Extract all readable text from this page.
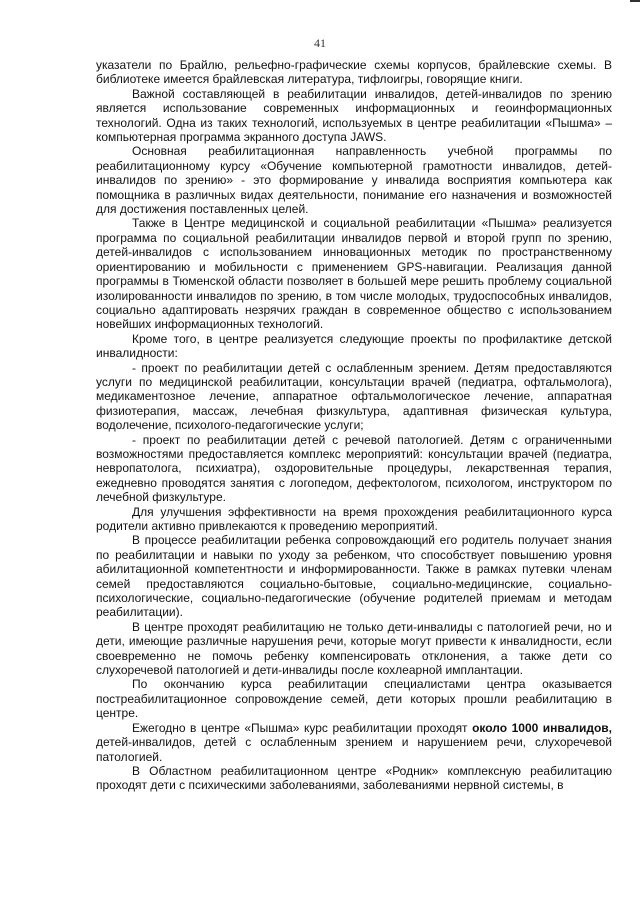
41

указатели по Брайлю, рельефно-графические схемы корпусов, брайлевские схемы. В библиотеке имеется брайлевская литература, тифлоигры, говорящие книги.

Важной составляющей в реабилитации инвалидов, детей-инвалидов по зрению является использование современных информационных и геоинформационных технологий. Одна из таких технологий, используемых в центре реабилитации «Пышма» – компьютерная программа экранного доступа JAWS.

Основная реабилитационная направленность учебной программы по реабилитационному курсу «Обучение компьютерной грамотности инвалидов, детей-инвалидов по зрению» - это формирование у инвалида восприятия компьютера как помощника в различных видах деятельности, понимание его назначения и возможностей для достижения поставленных целей.

Также в Центре медицинской и социальной реабилитации «Пышма» реализуется программа по социальной реабилитации инвалидов первой и второй групп по зрению, детей-инвалидов с использованием инновационных методик по пространственному ориентированию и мобильности с применением GPS-навигации. Реализация данной программы в Тюменской области позволяет в большей мере решить проблему социальной изолированности инвалидов по зрению, в том числе молодых, трудоспособных инвалидов, социально адаптировать незрячих граждан в современное общество с использованием новейших информационных технологий.

Кроме того, в центре реализуется следующие проекты по профилактике детской инвалидности:

- проект по реабилитации детей с ослабленным зрением. Детям предоставляются услуги по медицинской реабилитации, консультации врачей (педиатра, офтальмолога), медикаментозное лечение, аппаратное офтальмологическое лечение, аппаратная физиотерапия, массаж, лечебная физкультура, адаптивная физическая культура, водолечение, психолого-педагогические услуги;

- проект по реабилитации детей с речевой патологией. Детям с ограниченными возможностями предоставляется комплекс мероприятий: консультации врачей (педиатра, невропатолога, психиатра), оздоровительные процедуры, лекарственная терапия, ежедневно проводятся занятия с логопедом, дефектологом, психологом, инструктором по лечебной физкультуре.

Для улучшения эффективности на время прохождения реабилитационного курса родители активно привлекаются к проведению мероприятий.

В процессе реабилитации ребенка сопровождающий его родитель получает знания по реабилитации и навыки по уходу за ребенком, что способствует повышению уровня абилитационной компетентности и информированности. Также в рамках путевки членам семей предоставляются социально-бытовые, социально-медицинские, социально-психологические, социально-педагогические (обучение родителей приемам и методам реабилитации).

В центре проходят реабилитацию не только дети-инвалиды с патологией речи, но и дети, имеющие различные нарушения речи, которые могут привести к инвалидности, если своевременно не помочь ребенку компенсировать отклонения, а также дети со слухоречевой патологией и дети-инвалиды после кохлеарной имплантации.

По окончанию курса реабилитации специалистами центра оказывается постреабилитационное сопровождение семей, дети которых прошли реабилитацию в центре.

Ежегодно в центре «Пышма» курс реабилитации проходят около 1000 инвалидов, детей-инвалидов, детей с ослабленным зрением и нарушением речи, слухоречевой патологией.

В Областном реабилитационном центре «Родник» комплексную реабилитацию проходят дети с психическими заболеваниями, заболеваниями нервной системы, в
